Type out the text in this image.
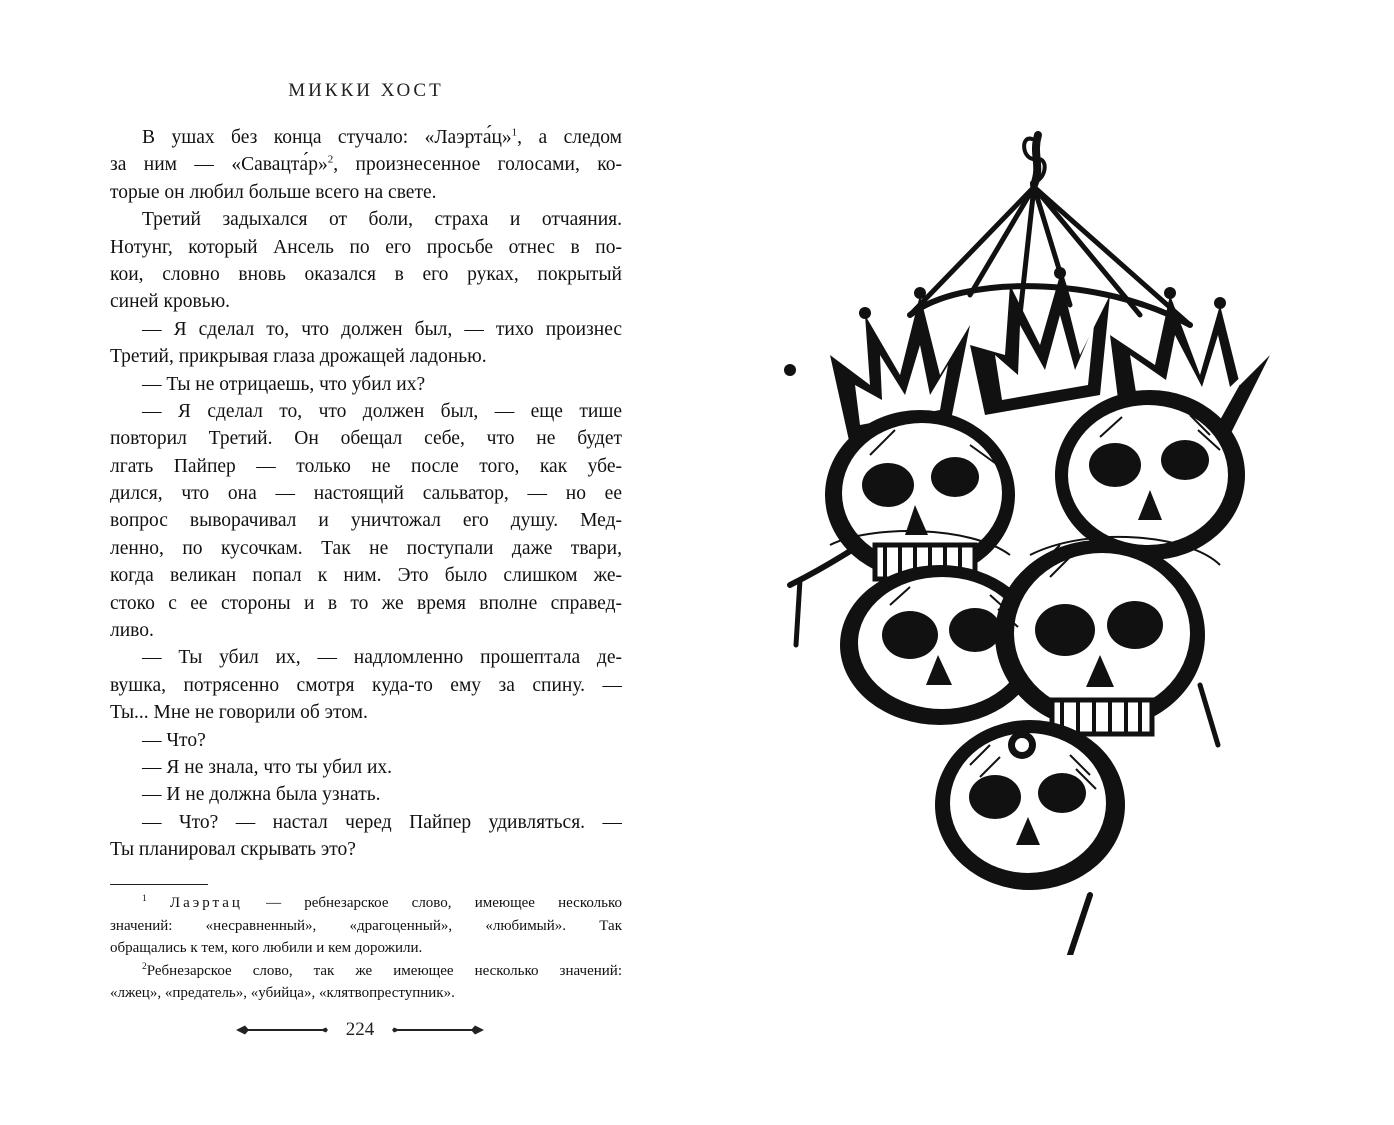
МИККИ ХОСТ
В ушах без конца стучало: «Лаэрта́ц»$^1$, а следом
за ним — «Савацта́р»$^2$, произнесенное голосами, ко-
торые он любил больше всего на свете.
Третий задыхался от боли, страха и отчаяния.
Нотунг, который Ансель по его просьбе отнес в по-
кои, словно вновь оказался в его руках, покрытый
синей кровью.
— Я сделал то, что должен был, — тихо произнес
Третий, прикрывая глаза дрожащей ладонью.
— Ты не отрицаешь, что убил их?
— Я сделал то, что должен был, — еще тише
повторил Третий. Он обещал себе, что не будет
лгать Пайпер — только не после того, как убе-
дился, что она — настоящий сальватор, — но ее
вопрос выворачивал и уничтожал его душу. Мед-
ленно, по кусочкам. Так не поступали даже твари,
когда великан попал к ним. Это было слишком же-
стоко с ее стороны и в то же время вполне справед-
ливо.
— Ты убил их, — надломленно прошептала де-
вушка, потрясенно смотря куда-то ему за спину. —
Ты... Мне не говорили об этом.
— Что?
— Я не знала, что ты убил их.
— И не должна была узнать.
— Что? — настал черед Пайпер удивляться. —
Ты планировал скрывать это?
$^1$ Лаэртац — ребнезарское слово, имеющее несколько
значений: «несравненный», «драгоценный», «любимый». Так
обращались к тем, кого любили и кем дорожили.
$^2$Ребнезарское слово, так же имеющее несколько значений:
«лжец», «предатель», «убийца», «клятвопреступник».
224
